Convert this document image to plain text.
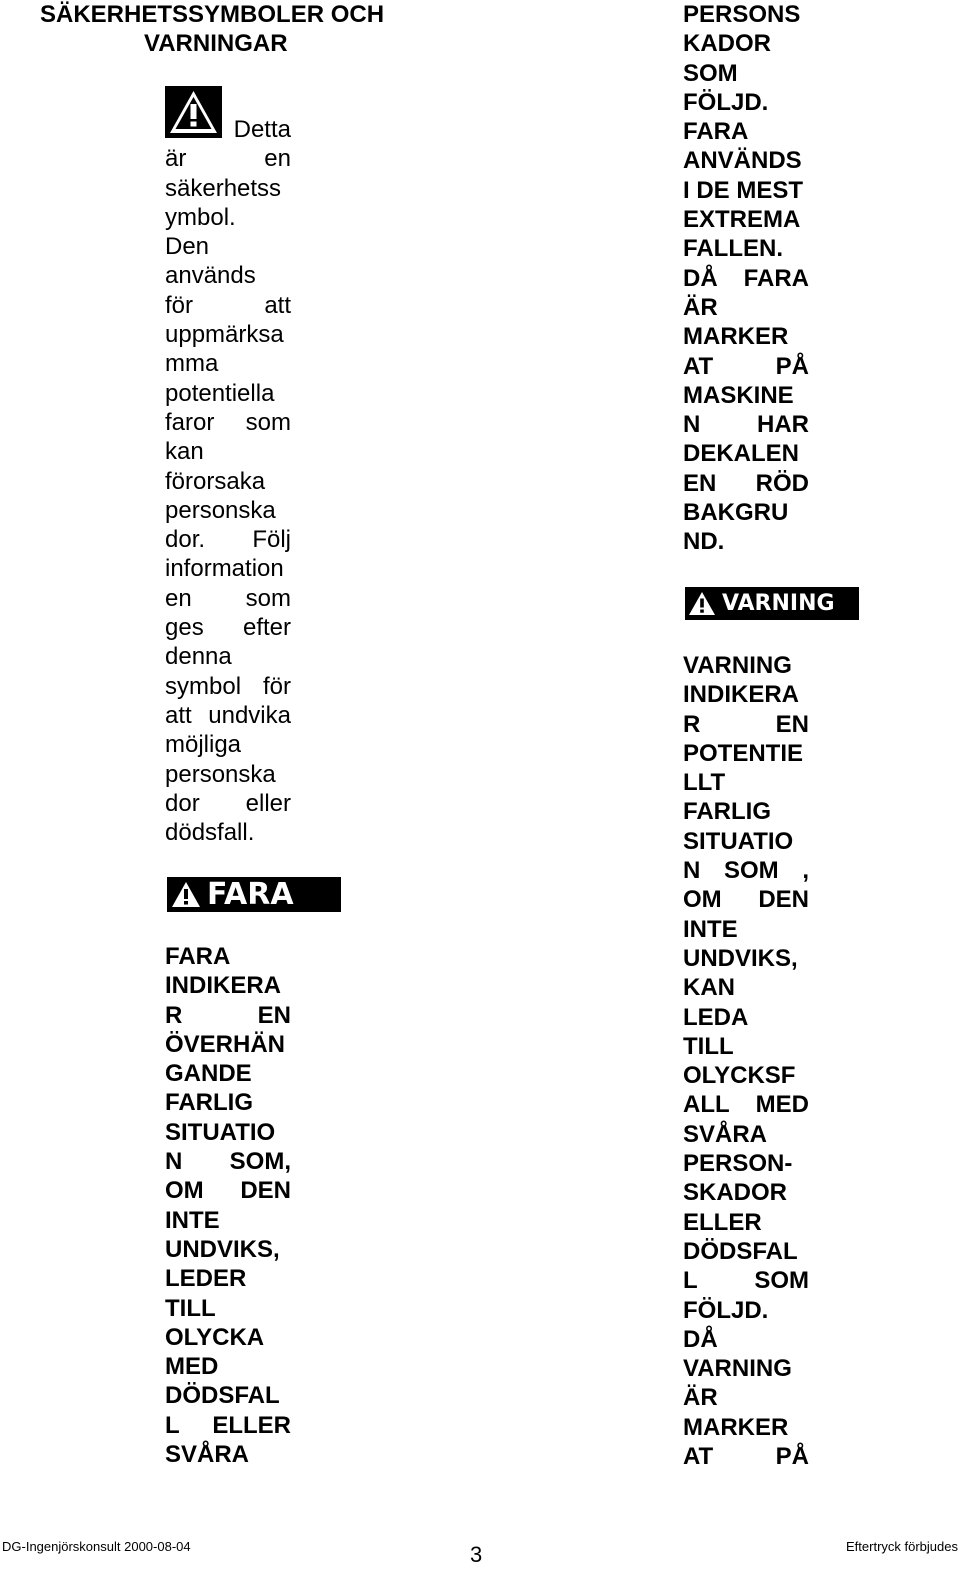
SÄKERHETSSYMBOLER OCH
VARNINGAR
Detta
är	en
säkerhetss
ymbol.
Den
används
för	att
uppmärksa
mma
potentiella
faror som
kan
förorsaka
personska
dor. Följ
information
en som
ges efter
denna
symbol för
att undvika
möjliga
personska
dor eller
dödsfall.
FARA
FARA
INDIKERA
R	EN
ÖVERHÄN
GANDE
FARLIG
SITUATIO
N SOM,
OM DEN
INTE
UNDVIKS,
LEDER
TILL
OLYCKA
MED
DÖDSFAL
L ELLER
SVÅRA
PERSONS
KADOR
SOM
FÖLJD.
FARA
ANVÄNDS
I DE MEST
EXTREMA
FALLEN.
DÅ FARA
ÄR
MARKER
AT	PÅ
MASKINE
N HAR
DEKALEN
EN RÖD
BAKGRU
ND.
VARNING
VARNING
INDIKERA
R	EN
POTENTIE
LLT
FARLIG
SITUATIO
N SOM ,
OM DEN
INTE
UNDVIKS,
KAN
LEDA
TILL
OLYCKSF
ALL MED
SVÅRA
PERSON-
SKADOR
ELLER
DÖDSFAL
L SOM
FÖLJD.
DÅ
VARNING
ÄR
MARKER
AT	PÅ
DG-Ingenjörskonsult 2000-08-04	3	Eftertryck förbjudes
